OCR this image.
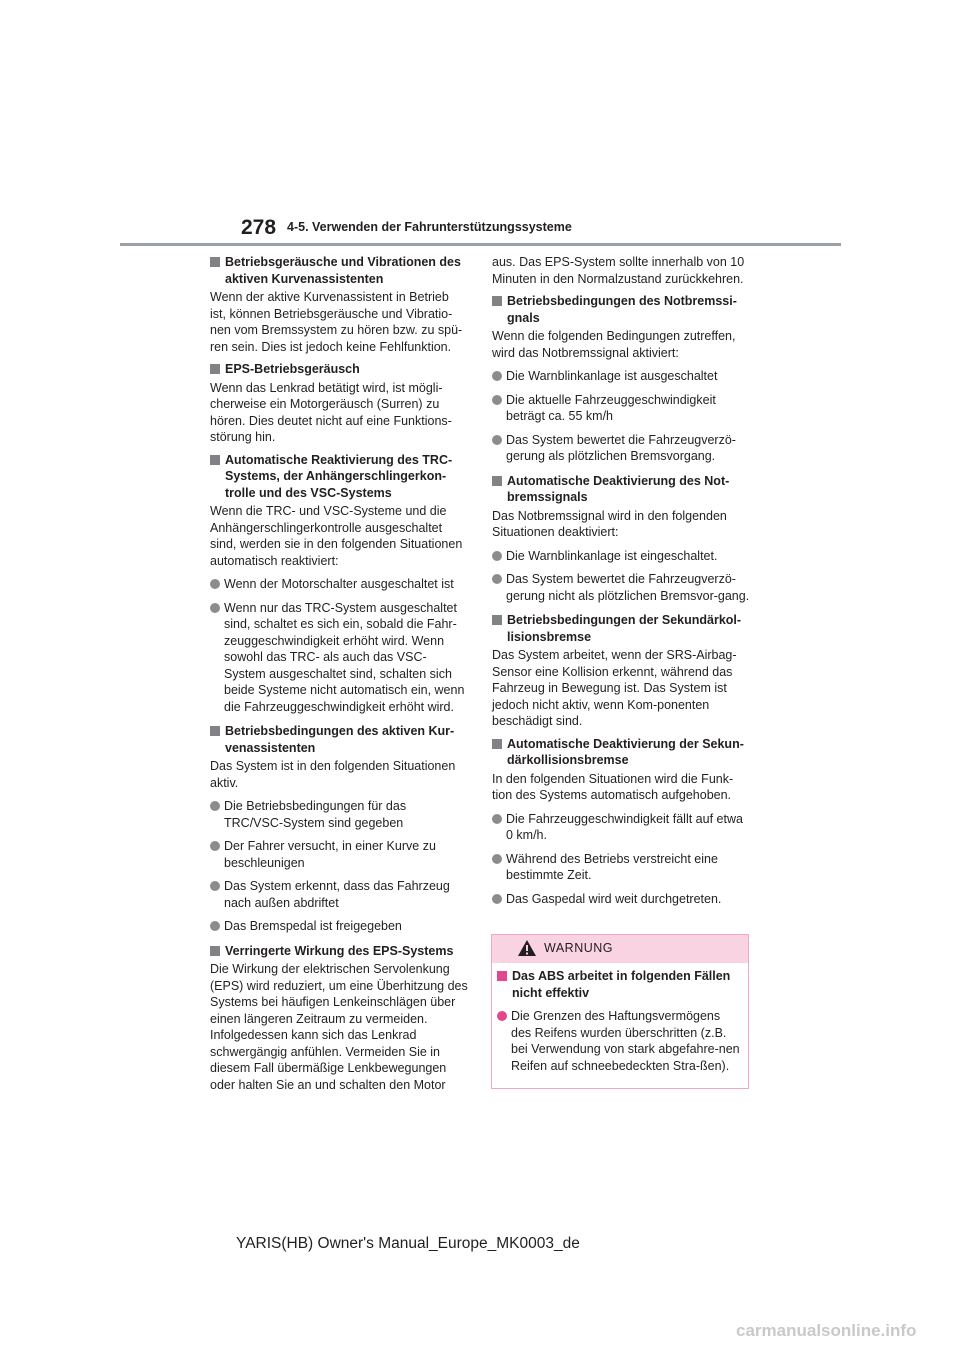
278 4-5. Verwenden der Fahrunterstützungssysteme
Betriebsgeräusche und Vibrationen des aktiven Kurvenassistenten
Wenn der aktive Kurvenassistent in Betrieb ist, können Betriebsgeräusche und Vibratio-nen vom Bremssystem zu hören bzw. zu spü-ren sein. Dies ist jedoch keine Fehlfunktion.
EPS-Betriebsgeräusch
Wenn das Lenkrad betätigt wird, ist mögli-cherweise ein Motorgeräusch (Surren) zu hören. Dies deutet nicht auf eine Funktions-störung hin.
Automatische Reaktivierung des TRC-Systems, der Anhängerschlingerkon-trolle und des VSC-Systems
Wenn die TRC- und VSC-Systeme und die Anhängerschlingerkontrolle ausgeschaltet sind, werden sie in den folgenden Situationen automatisch reaktiviert:
Wenn der Motorschalter ausgeschaltet ist
Wenn nur das TRC-System ausgeschaltet sind, schaltet es sich ein, sobald die Fahr-zeuggeschwindigkeit erhöht wird. Wenn sowohl das TRC- als auch das VSC-System ausgeschaltet sind, schalten sich beide Systeme nicht automatisch ein, wenn die Fahrzeuggeschwindigkeit erhöht wird.
Betriebsbedingungen des aktiven Kur-venassistenten
Das System ist in den folgenden Situationen aktiv.
Die Betriebsbedingungen für das TRC/VSC-System sind gegeben
Der Fahrer versucht, in einer Kurve zu beschleunigen
Das System erkennt, dass das Fahrzeug nach außen abdriftet
Das Bremspedal ist freigegeben
Verringerte Wirkung des EPS-Systems
Die Wirkung der elektrischen Servolenkung (EPS) wird reduziert, um eine Überhitzung des Systems bei häufigen Lenkeinschlägen über einen längeren Zeitraum zu vermeiden. Infolgedessen kann sich das Lenkrad schwergängig anfühlen. Vermeiden Sie in diesem Fall übermäßige Lenkbewegungen oder halten Sie an und schalten den Motor
aus. Das EPS-System sollte innerhalb von 10 Minuten in den Normalzustand zurückkehren.
Betriebsbedingungen des Notbremssi-gnals
Wenn die folgenden Bedingungen zutreffen, wird das Notbremssignal aktiviert:
Die Warnblinkanlage ist ausgeschaltet
Die aktuelle Fahrzeuggeschwindigkeit beträgt ca. 55 km/h
Das System bewertet die Fahrzeugverzö-gerung als plötzlichen Bremsvorgang.
Automatische Deaktivierung des Not-bremssignals
Das Notbremssignal wird in den folgenden Situationen deaktiviert:
Die Warnblinkanlage ist eingeschaltet.
Das System bewertet die Fahrzeugverzö-gerung nicht als plötzlichen Bremsvor-gang.
Betriebsbedingungen der Sekundärkol-lisionsbremse
Das System arbeitet, wenn der SRS-Airbag-Sensor eine Kollision erkennt, während das Fahrzeug in Bewegung ist. Das System ist jedoch nicht aktiv, wenn Kom-ponenten beschädigt sind.
Automatische Deaktivierung der Sekun-därkollisionsbremse
In den folgenden Situationen wird die Funk-tion des Systems automatisch aufgehoben.
Die Fahrzeuggeschwindigkeit fällt auf etwa 0 km/h.
Während des Betriebs verstreicht eine bestimmte Zeit.
Das Gaspedal wird weit durchgetreten.
WARNUNG
Das ABS arbeitet in folgenden Fällen nicht effektiv
Die Grenzen des Haftungsvermögens des Reifens wurden überschritten (z.B. bei Verwendung von stark abgefahre-nen Reifen auf schneebedeckten Stra-ßen).
YARIS(HB) Owner's Manual_Europe_MK0003_de
carmanualsonline.info
